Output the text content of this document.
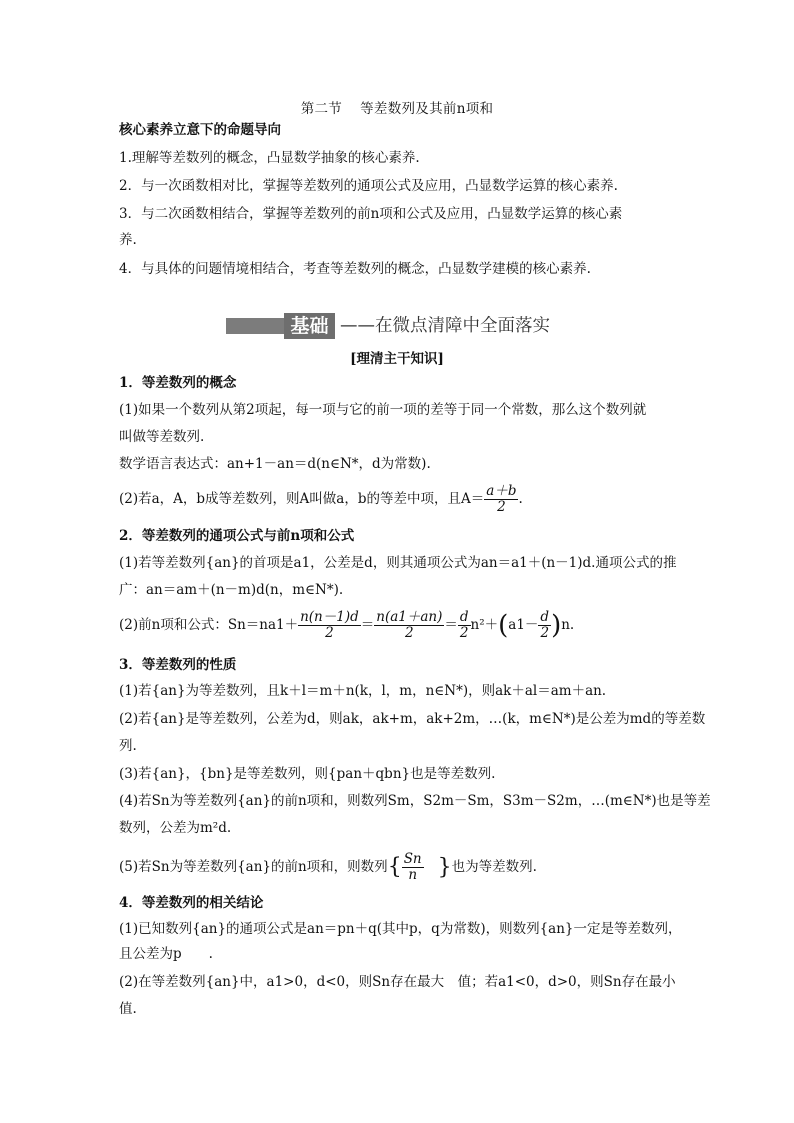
第二节 等差数列及其前n项和
核心素养立意下的命题导向
1.理解等差数列的概念，凸显数学抽象的核心素养.
2．与一次函数相对比，掌握等差数列的通项公式及应用，凸显数学运算的核心素养.
3．与二次函数相结合，掌握等差数列的前n项和公式及应用，凸显数学运算的核心素
养.
4．与具体的问题情境相结合，考查等差数列的概念，凸显数学建模的核心素养.
基础 ——在微点清障中全面落实
[理清主干知识]
1．等差数列的概念
(1)如果一个数列从第2项起，每一项与它的前一项的差等于同一个常数，那么这个数列就
叫做等差数列.
数学语言表达式：an+1－an＝d(n∈N*，d为常数).
(2)若a，A，b成等差数列，则A叫做a，b的等差中项，且$A= \frac{a+b}{2}$ .
2．等差数列的通项公式与前n项和公式
(1)若等差数列{an}的首项是a1，公差是d，则其通项公式为an＝a1＋(n－1)d.通项公式的推
广：an＝am＋(n－m)d(n，m∈N*).
(2)前n项和公式：$Sn=na1+ \frac{n(n-1)d}{2} = \frac{n(a1+an)}{2} = \frac{d}{2} n^2+(a1- \frac{d}{2} )n$.
3．等差数列的性质
(1)若{an}为等差数列，且k＋l＝m＋n(k，l，m，n∈N*)，则ak＋al＝am＋an.
(2)若{an}是等差数列，公差为d，则ak，ak+m，ak+2m，…(k，m∈N*)是公差为md的等差数
列.
(3)若{an}，{bn}是等差数列，则{pan＋qbn}也是等差数列.
(4)若Sn为等差数列{an}的前n项和，则数列Sm，S2m－Sm，S3m－S2m，…(m∈N*)也是等差
数列，公差为m²d.
(5)若Sn为等差数列{an}的前n项和，则数列{ $\frac{Sn}{n}$ }也为等差数列.
4．等差数列的相关结论
(1)已知数列{an}的通项公式是an＝pn＋q(其中p，q为常数)，则数列{an}一定是等差数列，
且公差为p　　.
(2)在等差数列{an}中，a1>0，d<0，则Sn存在最大　值；若a1<0，d>0，则Sn存在最小
值.
